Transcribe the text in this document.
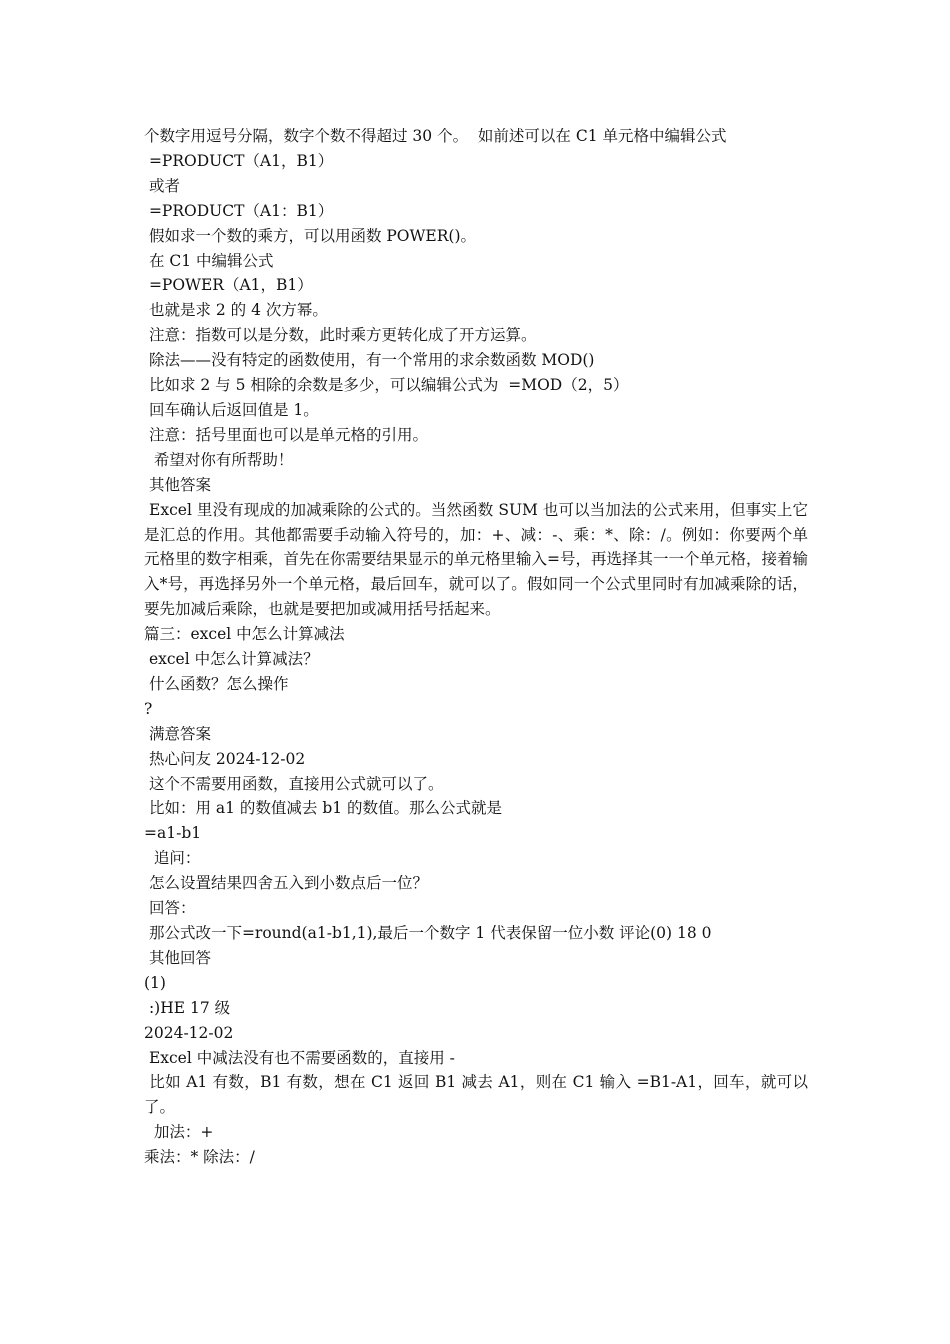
个数字用逗号分隔，数字个数不得超过 30 个。  如前述可以在 C1 单元格中编辑公式

=PRODUCT（A1，B1）

或者

=PRODUCT（A1：B1）

假如求一个数的乘方，可以用函数 POWER()。

在 C1 中编辑公式

=POWER（A1，B1）

也就是求 2 的 4 次方幂。

注意：指数可以是分数，此时乘方更转化成了开方运算。

除法——没有特定的函数使用，有一个常用的求余数函数 MOD()

比如求 2 与 5 相除的余数是多少，可以编辑公式为  =MOD（2，5）

回车确认后返回值是 1。

注意：括号里面也可以是单元格的引用。

希望对你有所帮助！

其他答案

Excel 里没有现成的加减乘除的公式的。当然函数 SUM 也可以当加法的公式来用，但事实上它是汇总的作用。其他都需要手动输入符号的，加：+、减：-、乘：*、除：/。例如：你要两个单元格里的数字相乘，首先在你需要结果显示的单元格里输入=号，再选择其一一个单元格，接着输入*号，再选择另外一个单元格，最后回车，就可以了。假如同一个公式里同时有加减乘除的话，要先加减后乘除，也就是要把加或减用括号括起来。

篇三：excel 中怎么计算减法

excel 中怎么计算减法？

什么函数？怎么操作

?

满意答案

热心问友 2024-12-02

这个不需要用函数，直接用公式就可以了。

比如：用 a1 的数值减去 b1 的数值。那么公式就是

=a1-b1

追问：

怎么设置结果四舍五入到小数点后一位？

回答：

那公式改一下=round(a1-b1,1),最后一个数字 1 代表保留一位小数 评论(0) 18 0

其他回答

(1)

:)HE 17 级

2024-12-02

Excel 中减法没有也不需要函数的，直接用 -

比如 A1 有数，B1 有数，想在 C1 返回 B1 减去 A1，则在 C1 输入 =B1-A1，回车，就可以了。

加法：+

乘法：* 除法：/
